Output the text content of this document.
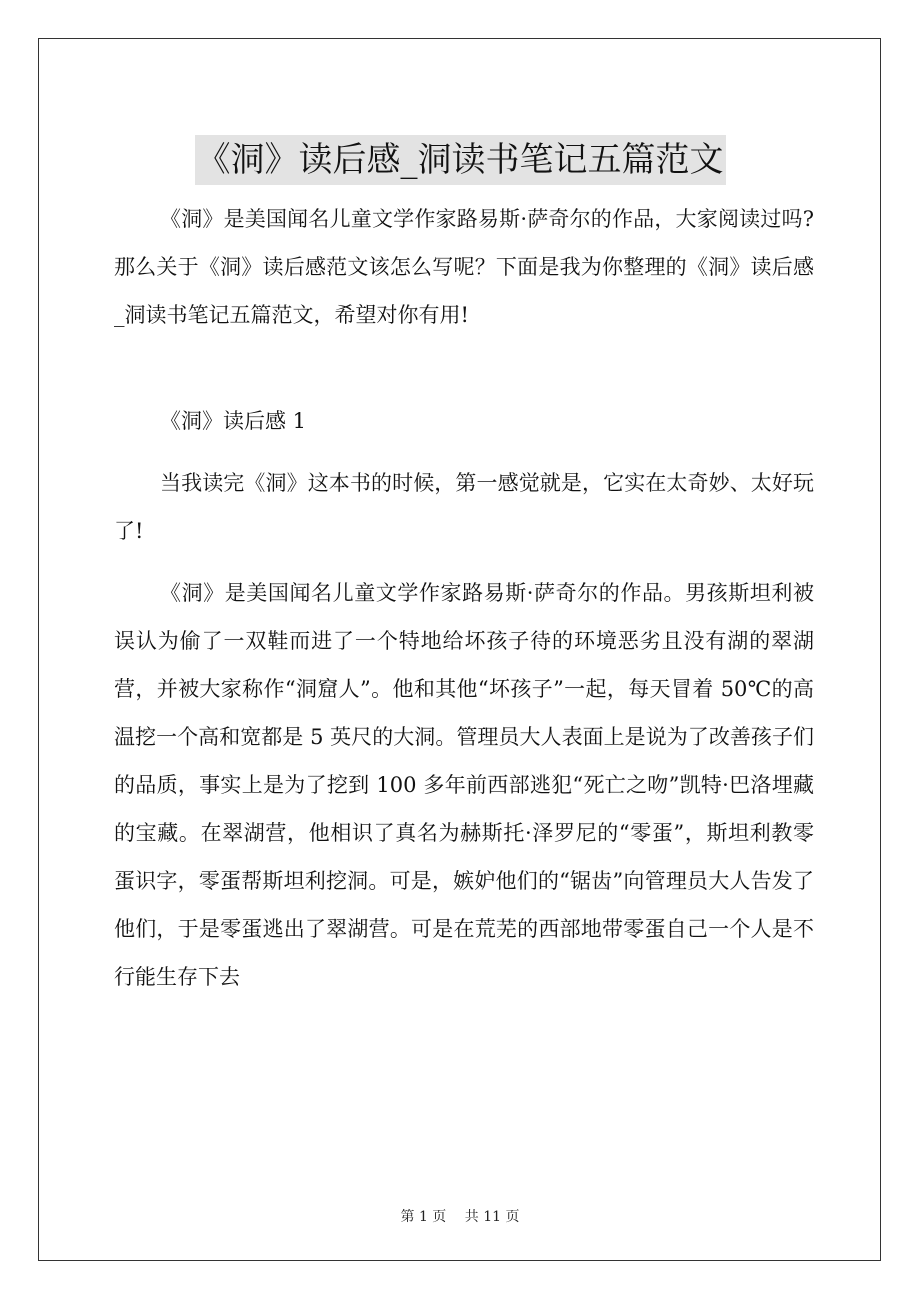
《洞》读后感_洞读书笔记五篇范文

《洞》是美国闻名儿童文学作家路易斯·萨奇尔的作品，大家阅读过吗?那么关于《洞》读后感范文该怎么写呢？下面是我为你整理的《洞》读后感_洞读书笔记五篇范文，希望对你有用!

《洞》读后感 1

当我读完《洞》这本书的时候，第一感觉就是，它实在太奇妙、太好玩了!

《洞》是美国闻名儿童文学作家路易斯·萨奇尔的作品。男孩斯坦利被误认为偷了一双鞋而进了一个特地给坏孩子待的环境恶劣且没有湖的翠湖营，并被大家称作“洞窟人”。他和其他“坏孩子”一起，每天冒着 50℃的高温挖一个高和宽都是 5 英尺的大洞。管理员大人表面上是说为了改善孩子们的品质，事实上是为了挖到 100 多年前西部逃犯“死亡之吻”凯特·巴洛埋藏的宝藏。在翠湖营，他相识了真名为赫斯托·泽罗尼的“零蛋”，斯坦利教零蛋识字，零蛋帮斯坦利挖洞。可是，嫉妒他们的“锯齿”向管理员大人告发了他们，于是零蛋逃出了翠湖营。可是在荒芜的西部地带零蛋自己一个人是不行能生存下去

第 1 页 共 11 页
